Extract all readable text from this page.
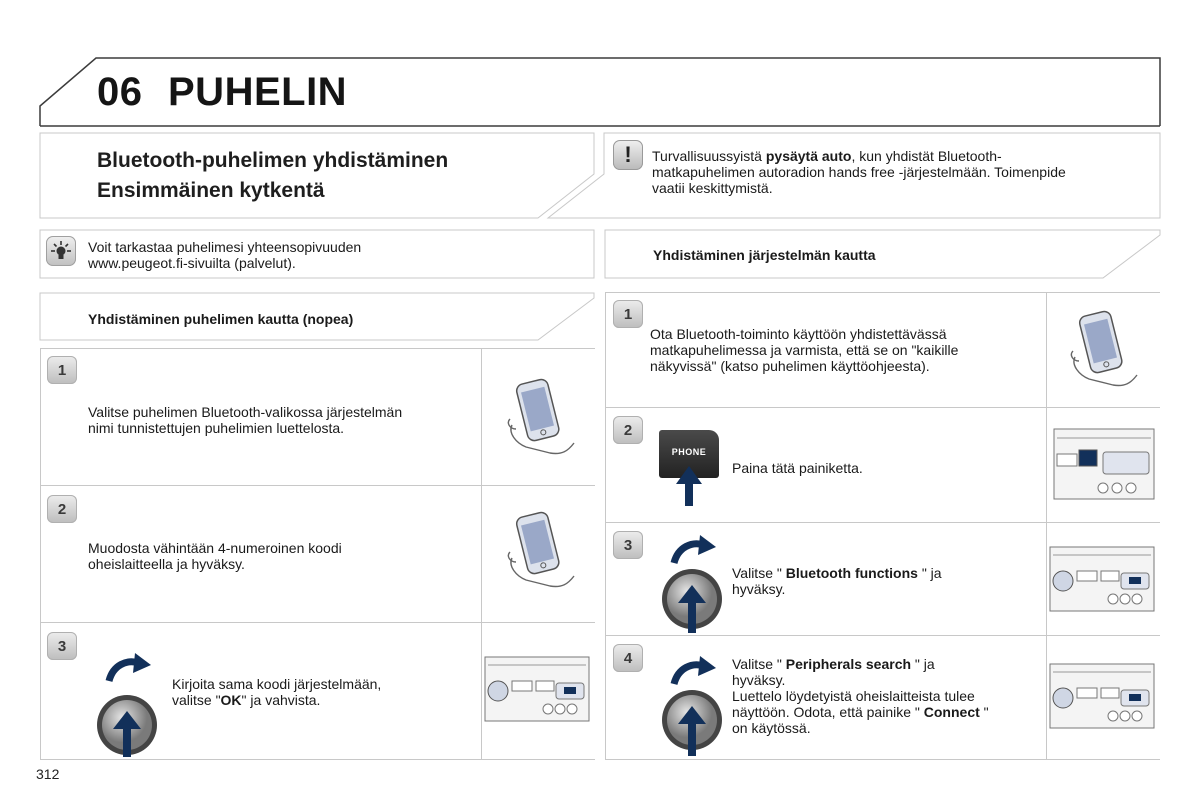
06 PUHELIN
Bluetooth-puhelimen yhdistäminen
Ensimmäinen kytkentä
!	Turvallisuussyistä pysäytä auto, kun yhdistät Bluetooth-
matkapuhelimen autoradion hands free -järjestelmään. Toimenpide
vaatii keskittymistä.
Voit tarkastaa puhelimesi yhteensopivuuden
www.peugeot.fi-sivuilta (palvelut).	Yhdistäminen järjestelmän kautta
Yhdistäminen puhelimen kautta (nopea)
1
Valitse puhelimen Bluetooth-valikossa järjestelmän
nimi tunnistettujen puhelimien luettelosta.
2
Muodosta vähintään 4-numeroinen koodi
oheislaitteella ja hyväksy.
3
Kirjoita sama koodi järjestelmään,
valitse "OK" ja vahvista.
1
Ota Bluetooth-toiminto käyttöön yhdistettävässä
matkapuhelimessa ja varmista, että se on "kaikille
näkyvissä" (katso puhelimen käyttöohjeesta).
2
PHONE
Paina tätä painiketta.
3
Valitse " Bluetooth functions " ja
hyväksy.
4	Valitse " Peripherals search " ja
hyväksy.
Luettelo löydetyistä oheislaitteista tulee
näyttöön. Odota, että painike " Connect "
on käytössä.
312
